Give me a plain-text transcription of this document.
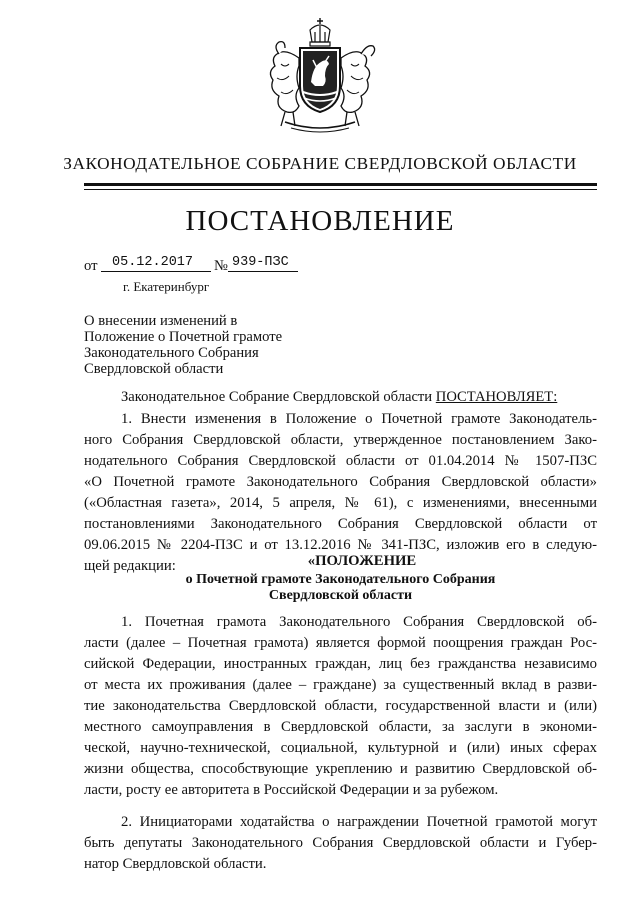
ЗАКОНОДАТЕЛЬНОЕ СОБРАНИЕ СВЕРДЛОВСКОЙ ОБЛАСТИ
ПОСТАНОВЛЕНИЕ
от 05.12.2017 № 939-ПЗС
г. Екатеринбург
О внесении изменений в
Положение о Почетной грамоте
Законодательного Собрания
Свердловской области
Законодательное Собрание Свердловской области ПОСТАНОВЛЯЕТ:
1. Внести изменения в Положение о Почетной грамоте Законодатель-
ного Собрания Свердловской области, утвержденное постановлением Зако-
нодательного Собрания Свердловской области от 01.04.2014 № 1507-ПЗС
«О Почетной грамоте Законодательного Собрания Свердловской области»
(«Областная газета», 2014, 5 апреля, № 61), с изменениями, внесенными
постановлениями Законодательного Собрания Свердловской области от
09.06.2015 № 2204-ПЗС и от 13.12.2016 № 341-ПЗС, изложив его в следую-
щей редакции:	«ПОЛОЖЕНИЕ
о Почетной грамоте Законодательного Собрания
Свердловской области
1. Почетная грамота Законодательного Собрания Свердловской об-
ласти (далее – Почетная грамота) является формой поощрения граждан Рос-
сийской Федерации, иностранных граждан, лиц без гражданства независимо
от места их проживания (далее – граждане) за существенный вклад в разви-
тие законодательства Свердловской области, государственной власти и (или)
местного самоуправления в Свердловской области, за заслуги в экономи-
ческой, научно-технической, социальной, культурной и (или) иных сферах
жизни общества, способствующие укреплению и развитию Свердловской об-
ласти, росту ее авторитета в Российской Федерации и за рубежом.
2. Инициаторами ходатайства о награждении Почетной грамотой могут
быть депутаты Законодательного Собрания Свердловской области и Губер-
натор Свердловской области.
